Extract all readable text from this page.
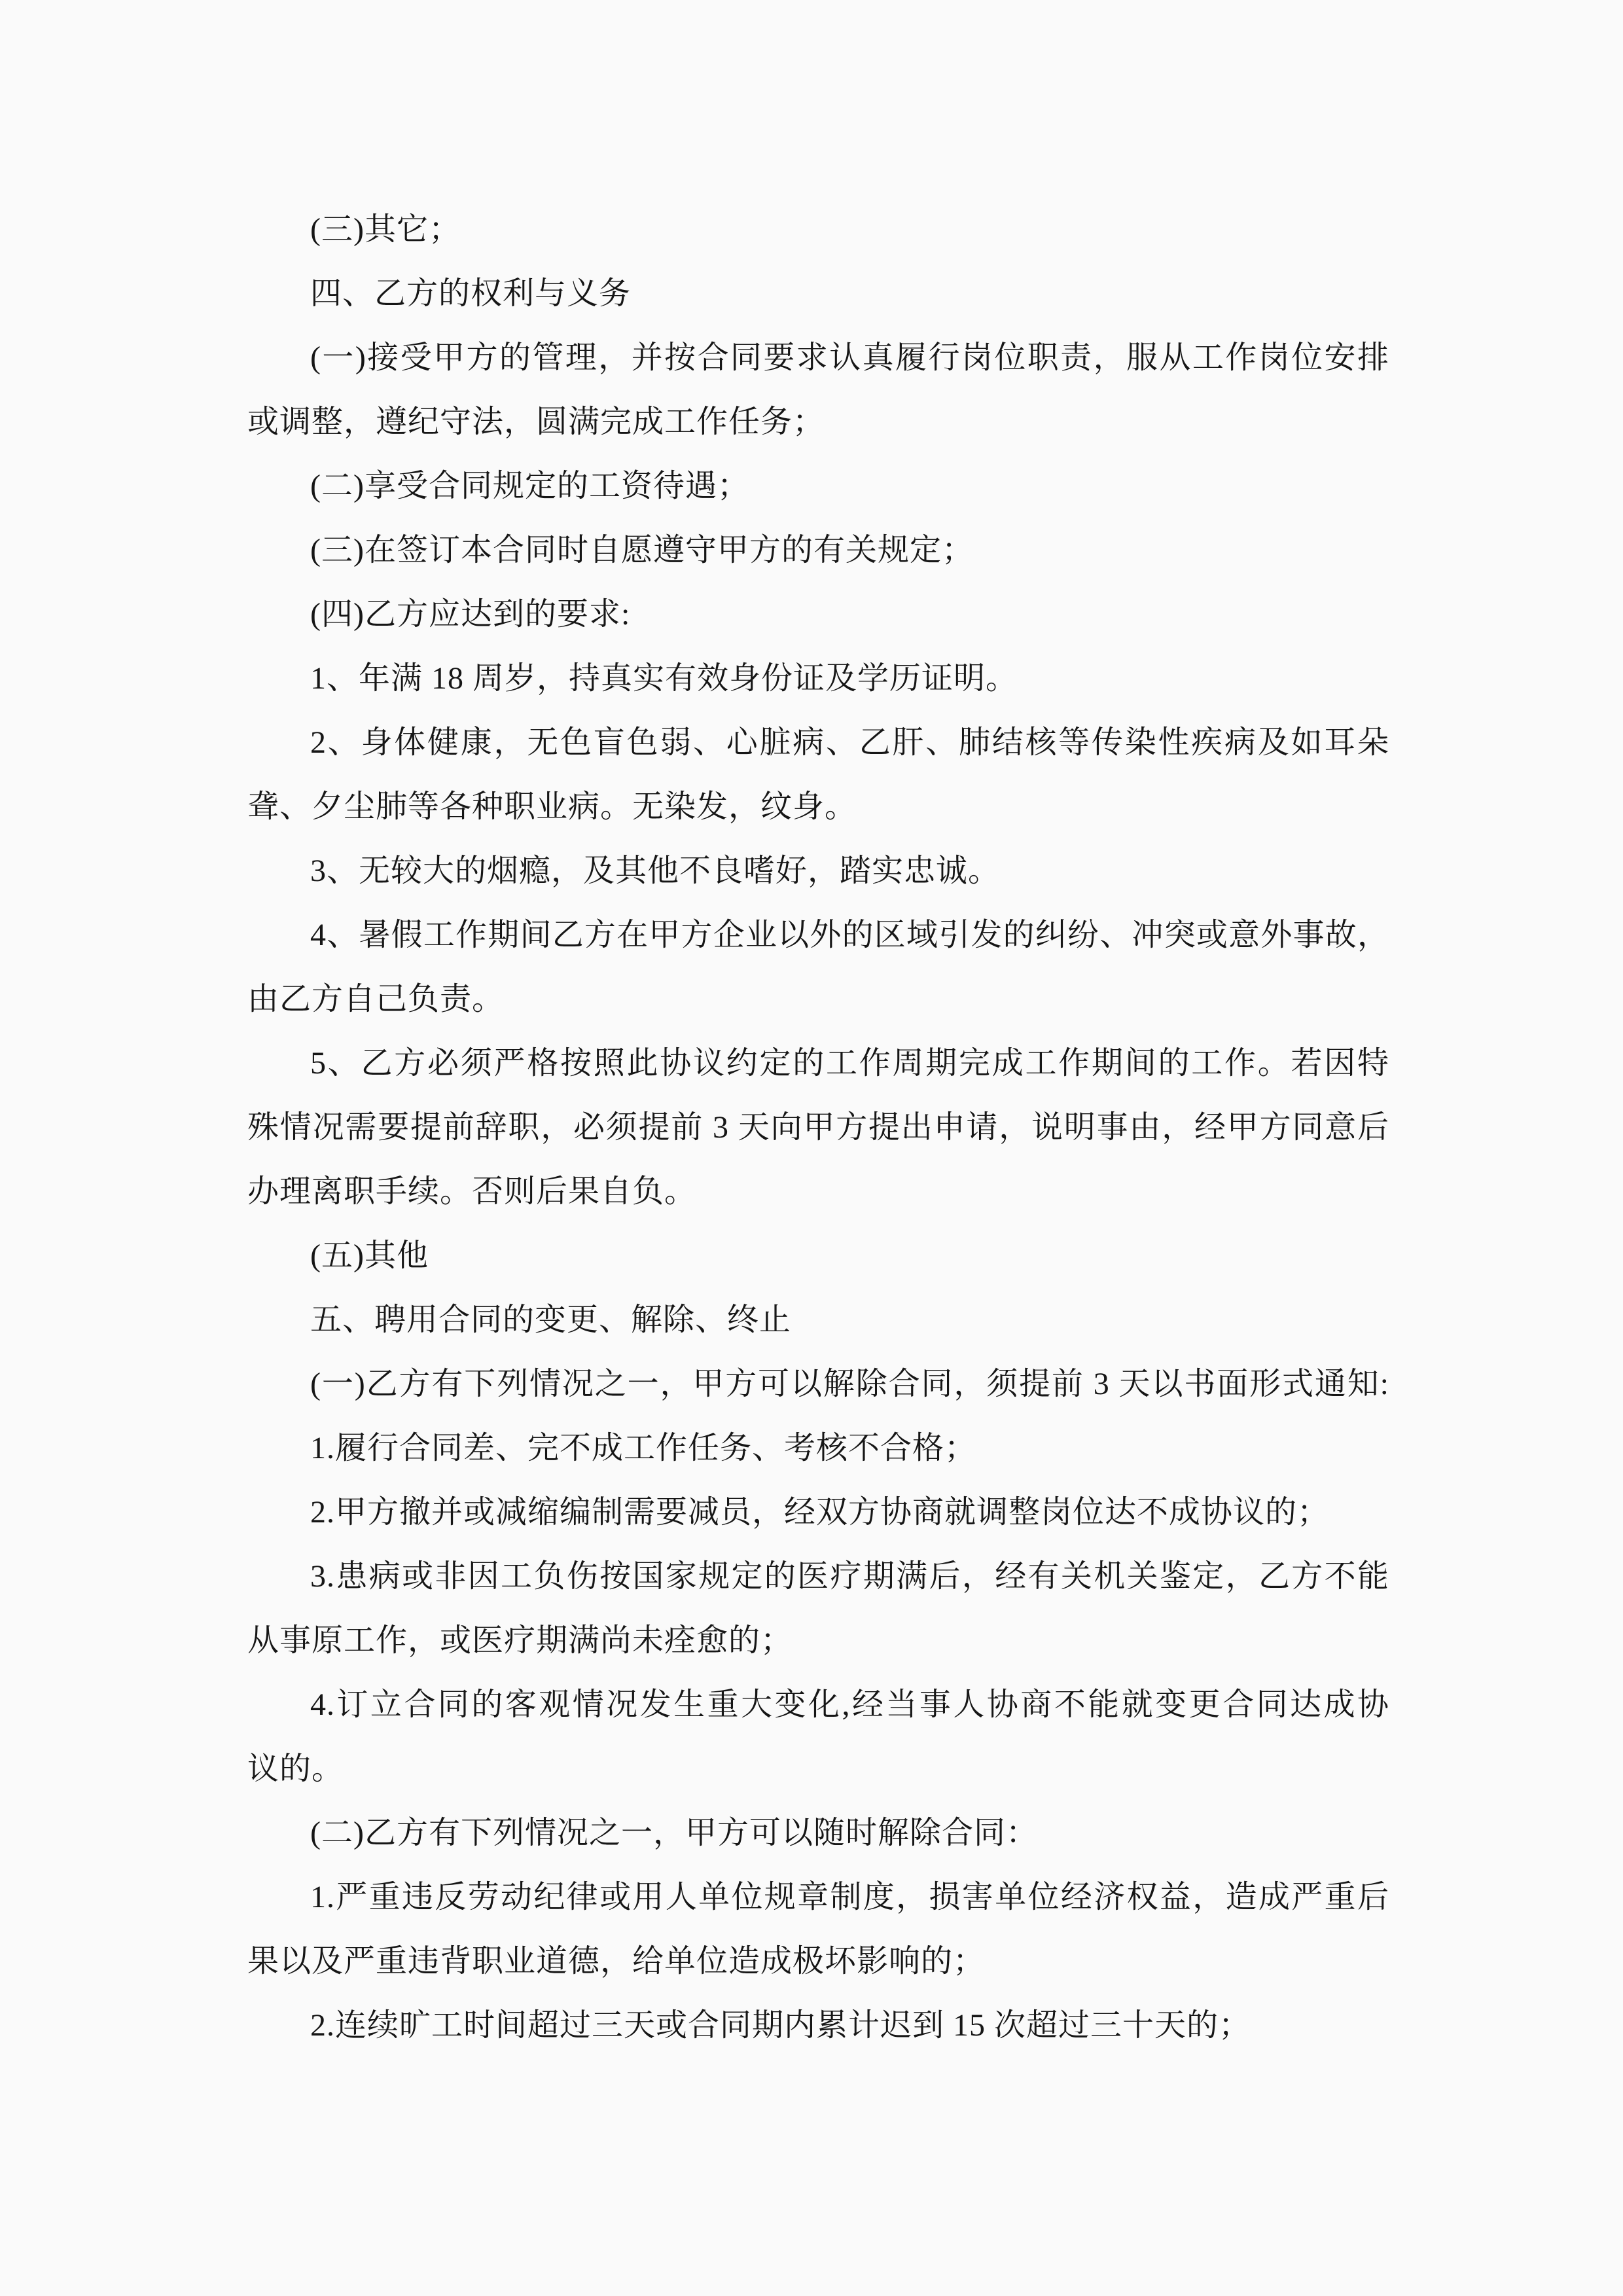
(三)其它；
四、乙方的权利与义务
(一)接受甲方的管理，并按合同要求认真履行岗位职责，服从工作岗位安排
或调整，遵纪守法，圆满完成工作任务；
(二)享受合同规定的工资待遇；
(三)在签订本合同时自愿遵守甲方的有关规定；
(四)乙方应达到的要求:
1、年满 18 周岁，持真实有效身份证及学历证明。
2、身体健康，无色盲色弱、心脏病、乙肝、肺结核等传染性疾病及如耳朵
聋、夕尘肺等各种职业病。无染发，纹身。
3、无较大的烟瘾，及其他不良嗜好，踏实忠诚。
4、暑假工作期间乙方在甲方企业以外的区域引发的纠纷、冲突或意外事故，
由乙方自己负责。
5、乙方必须严格按照此协议约定的工作周期完成工作期间的工作。若因特
殊情况需要提前辞职，必须提前 3 天向甲方提出申请，说明事由，经甲方同意后
办理离职手续。否则后果自负。
(五)其他
五、聘用合同的变更、解除、终止
(一)乙方有下列情况之一，甲方可以解除合同，须提前 3 天以书面形式通知:
1.履行合同差、完不成工作任务、考核不合格；
2.甲方撤并或减缩编制需要减员，经双方协商就调整岗位达不成协议的；
3.患病或非因工负伤按国家规定的医疗期满后，经有关机关鉴定，乙方不能
从事原工作，或医疗期满尚未痊愈的；
4.订立合同的客观情况发生重大变化,经当事人协商不能就变更合同达成协
议的。
(二)乙方有下列情况之一，甲方可以随时解除合同：
1.严重违反劳动纪律或用人单位规章制度，损害单位经济权益，造成严重后
果以及严重违背职业道德，给单位造成极坏影响的；
2.连续旷工时间超过三天或合同期内累计迟到 15 次超过三十天的；
